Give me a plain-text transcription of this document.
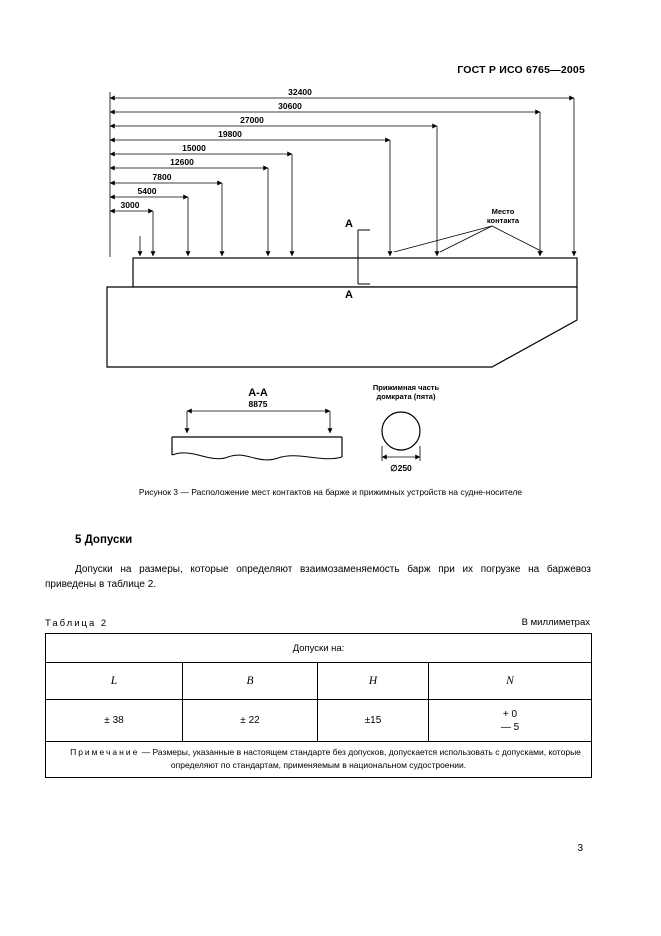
ГОСТ Р ИСО 6765—2005
32400
30600
27000
19800
15000
12600
7800
5400
3000
А
А
Место
контакта
А-А
8875
Прижимная часть
домкрата (пята)
∅250
Рисунок 3 — Расположение мест контактов на барже и прижимных устройств на судне-носителе
5 Допуски

Допуски на размеры, которые определяют взаимозаменяемость барж при их погрузке на баржевоз приведены в таблице 2.

Таблица 2	В миллиметрах
Допуски на:			
L	B	H	N
± 38	± 22	±15	+ 0
— 5

Примечание — Размеры, указанные в настоящем стандарте без допусков, допускается использовать с допусками, которые определяют по стандартам, применяемым в национальном судостроении.			
3
